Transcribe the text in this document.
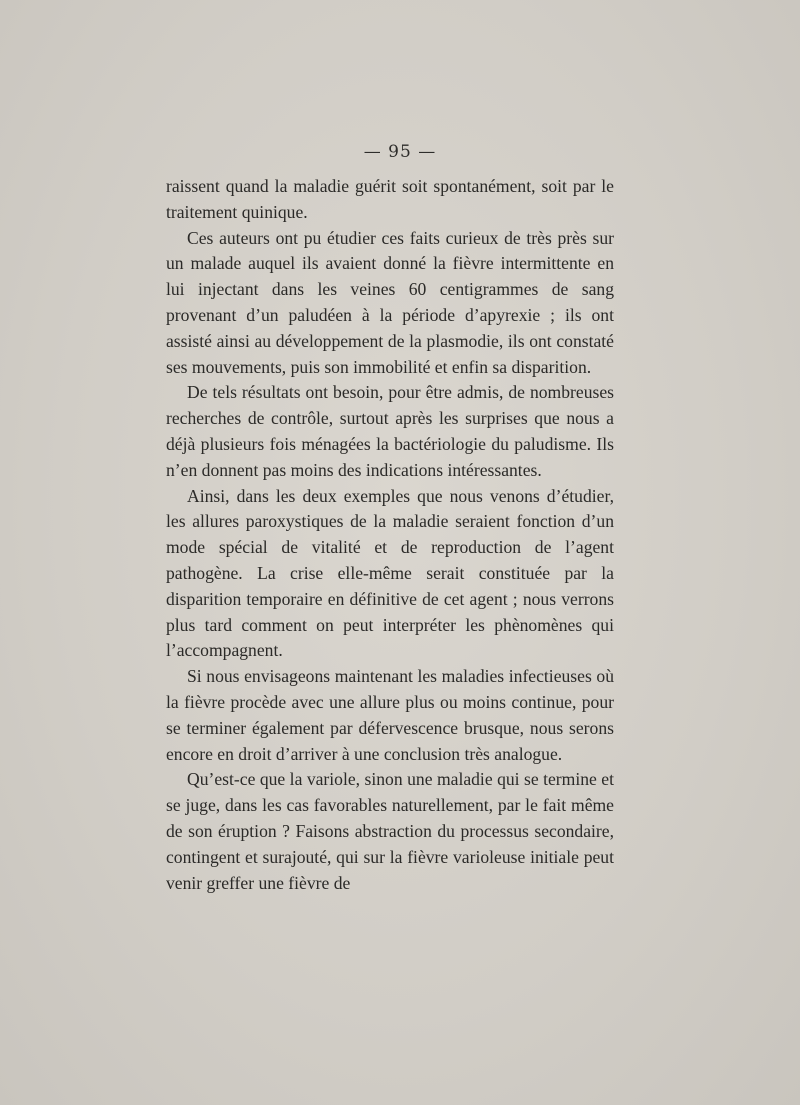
— 95 —

raissent quand la maladie guérit soit spontanément, soit par le traitement quinique.

Ces auteurs ont pu étudier ces faits curieux de très près sur un malade auquel ils avaient donné la fièvre intermittente en lui injectant dans les veines 60 centigrammes de sang provenant d’un paludéen à la période d’apyrexie ; ils ont assisté ainsi au développement de la plasmodie, ils ont constaté ses mouvements, puis son immobilité et enfin sa disparition.

De tels résultats ont besoin, pour être admis, de nombreuses recherches de contrôle, surtout après les surprises que nous a déjà plusieurs fois ménagées la bactériologie du paludisme. Ils n’en donnent pas moins des indications intéressantes.

Ainsi, dans les deux exemples que nous venons d’étudier, les allures paroxystiques de la maladie seraient fonction d’un mode spécial de vitalité et de reproduction de l’agent pathogène. La crise elle-même serait constituée par la disparition temporaire en définitive de cet agent ; nous verrons plus tard comment on peut interpréter les phènomènes qui l’accompagnent.

Si nous envisageons maintenant les maladies infectieuses où la fièvre procède avec une allure plus ou moins continue, pour se terminer également par défervescence brusque, nous serons encore en droit d’arriver à une conclusion très analogue.

Qu’est-ce que la variole, sinon une maladie qui se termine et se juge, dans les cas favorables naturellement, par le fait même de son éruption ? Faisons abstraction du processus secondaire, contingent et surajouté, qui sur la fièvre varioleuse initiale peut venir greffer une fièvre de
